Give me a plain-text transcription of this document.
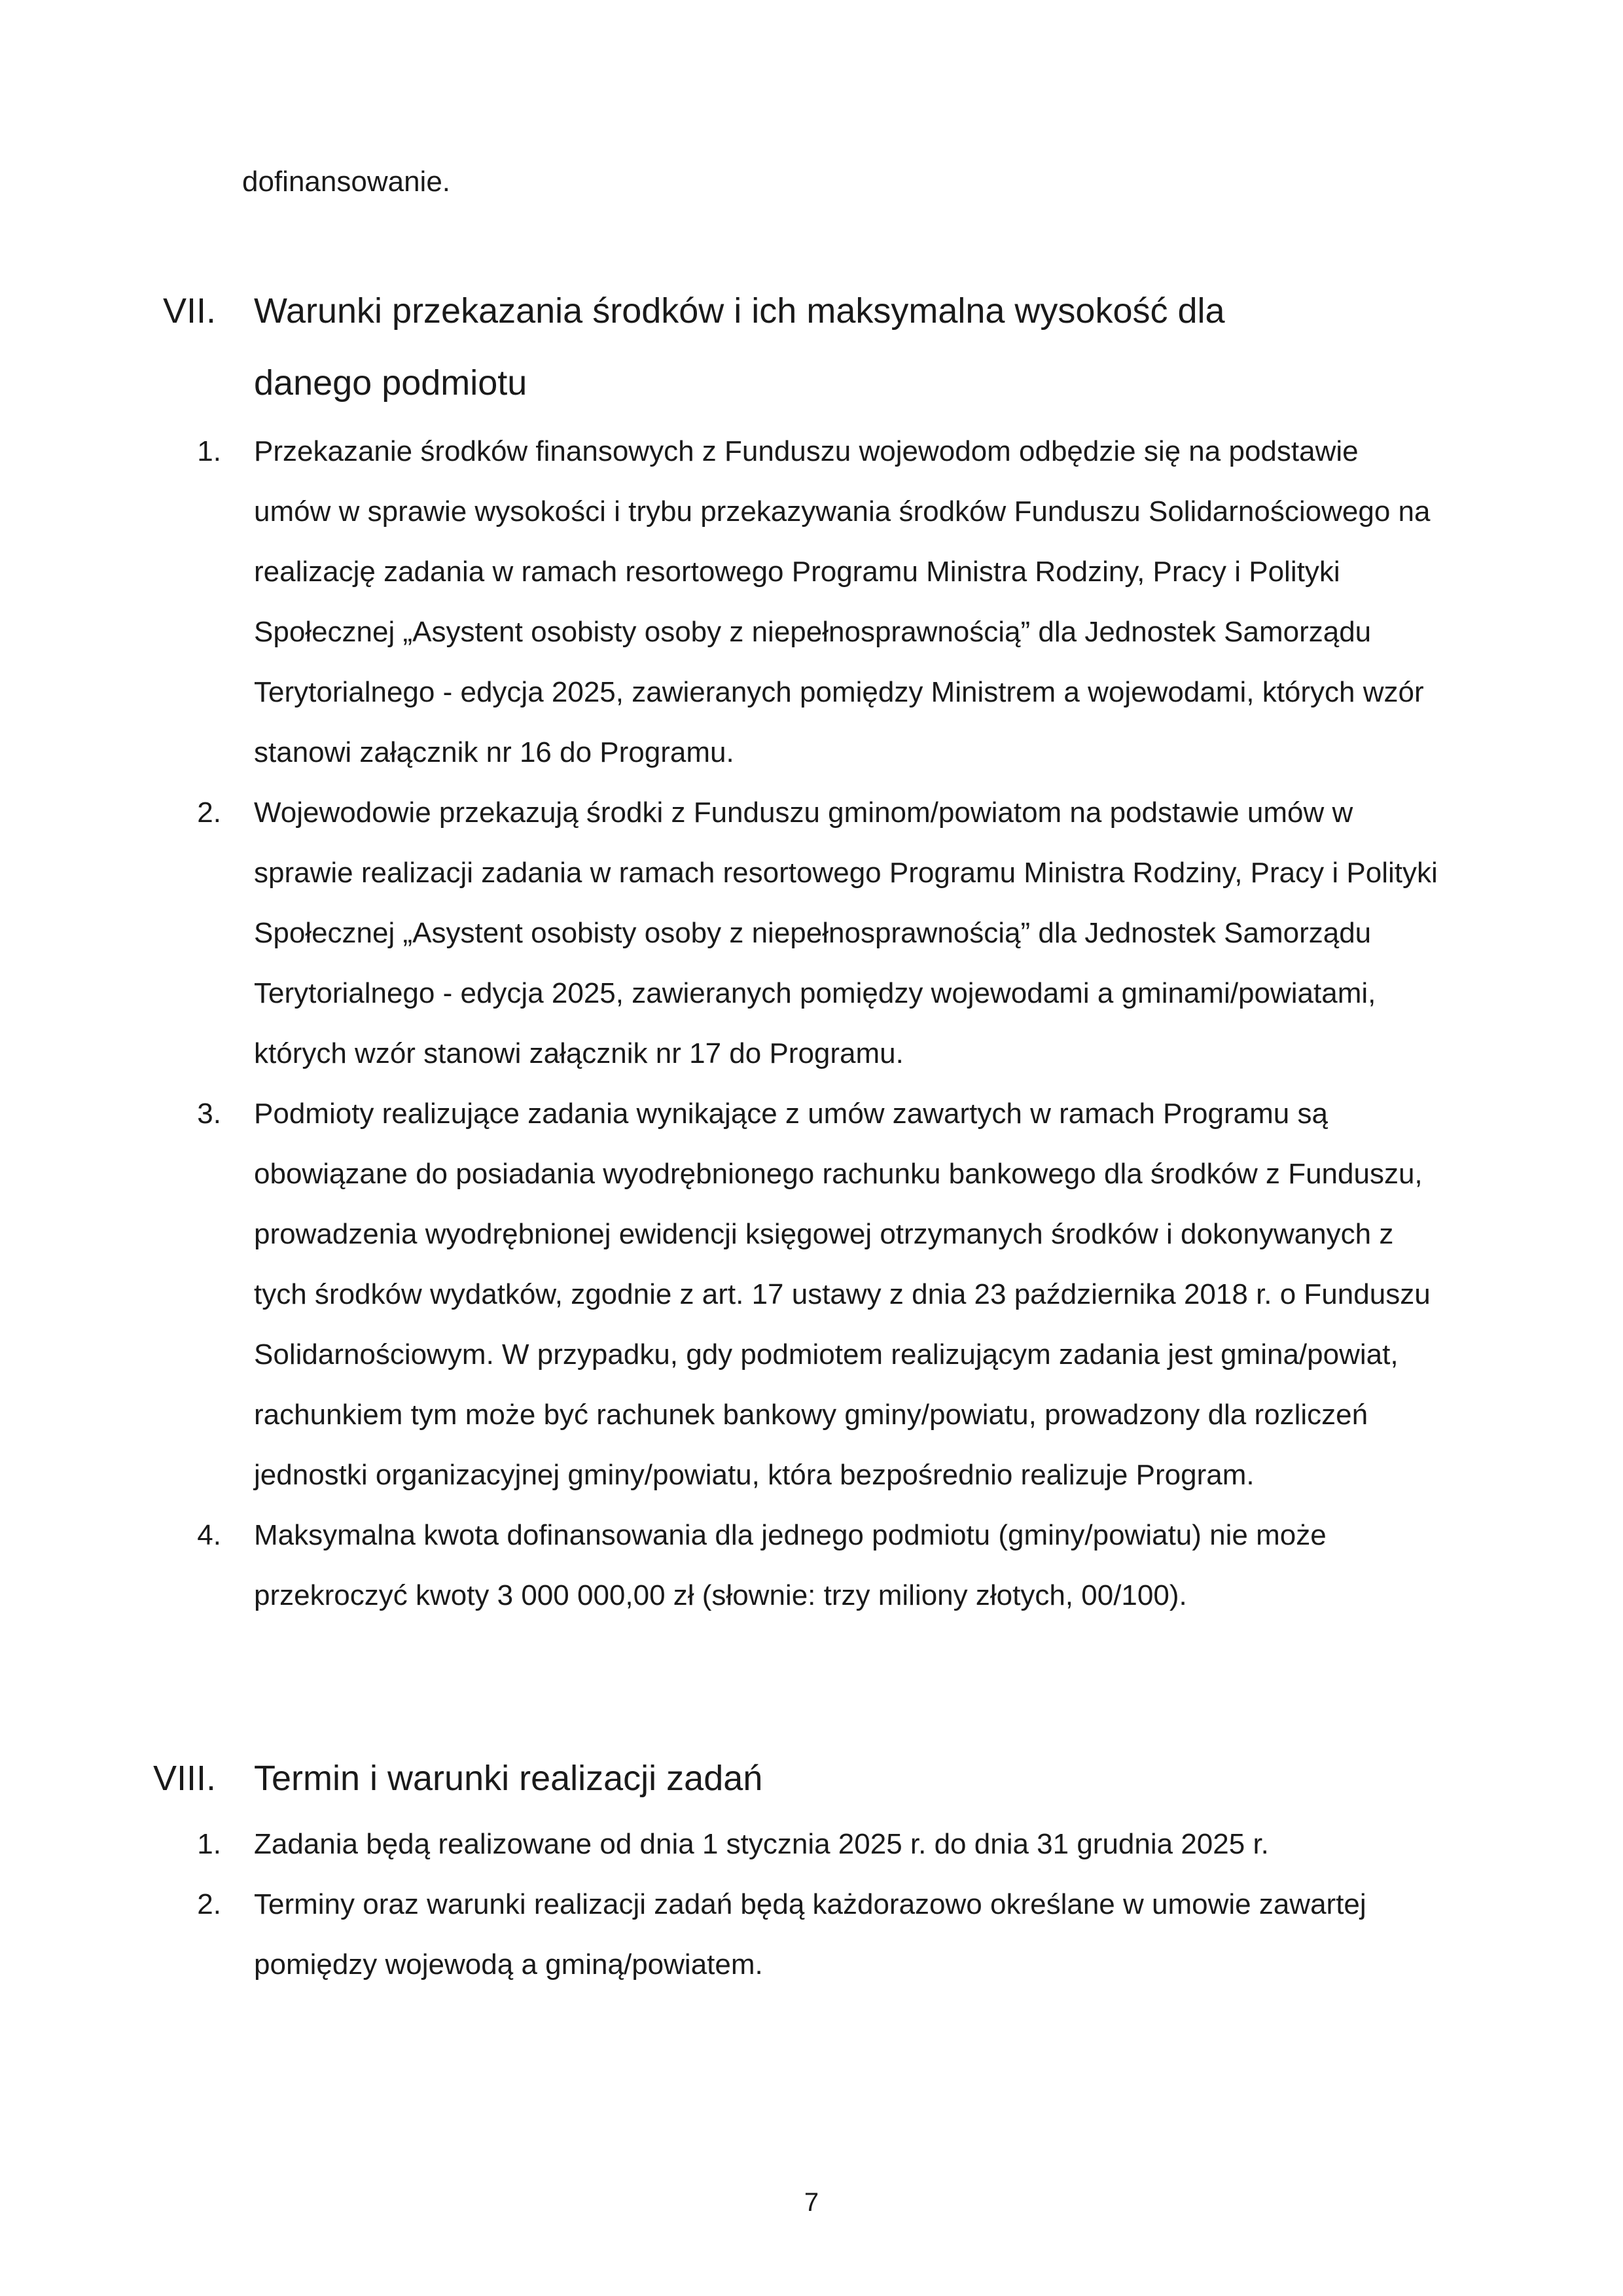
dofinansowanie.
VII. Warunki przekazania środków i ich maksymalna wysokość dla danego podmiotu
1. Przekazanie środków finansowych z Funduszu wojewodom odbędzie się na podstawie umów w sprawie wysokości i trybu przekazywania środków Funduszu Solidarnościowego na realizację zadania w ramach resortowego Programu Ministra Rodziny, Pracy i Polityki Społecznej „Asystent osobisty osoby z niepełnosprawnością” dla Jednostek Samorządu Terytorialnego - edycja 2025, zawieranych pomiędzy Ministrem a wojewodami, których wzór stanowi załącznik nr 16 do Programu.
2. Wojewodowie przekazują środki z Funduszu gminom/powiatom na podstawie umów w sprawie realizacji zadania w ramach resortowego Programu Ministra Rodziny, Pracy i Polityki Społecznej „Asystent osobisty osoby z niepełnosprawnością” dla Jednostek Samorządu Terytorialnego - edycja 2025, zawieranych pomiędzy wojewodami a gminami/powiatami, których wzór stanowi załącznik nr 17 do Programu.
3. Podmioty realizujące zadania wynikające z umów zawartych w ramach Programu są obowiązane do posiadania wyodrębnionego rachunku bankowego dla środków z Funduszu, prowadzenia wyodrębnionej ewidencji księgowej otrzymanych środków i dokonywanych z tych środków wydatków, zgodnie z art. 17 ustawy z dnia 23 października 2018 r. o Funduszu Solidarnościowym. W przypadku, gdy podmiotem realizującym zadania jest gmina/powiat, rachunkiem tym może być rachunek bankowy gminy/powiatu, prowadzony dla rozliczeń jednostki organizacyjnej gminy/powiatu, która bezpośrednio realizuje Program.
4. Maksymalna kwota dofinansowania dla jednego podmiotu (gminy/powiatu) nie może przekroczyć kwoty 3 000 000,00 zł (słownie: trzy miliony złotych, 00/100).
VIII. Termin i warunki realizacji zadań
1. Zadania będą realizowane od dnia 1 stycznia 2025 r. do dnia 31 grudnia 2025 r.
2. Terminy oraz warunki realizacji zadań będą każdorazowo określane w umowie zawartej pomiędzy wojewodą a gminą/powiatem.
7
